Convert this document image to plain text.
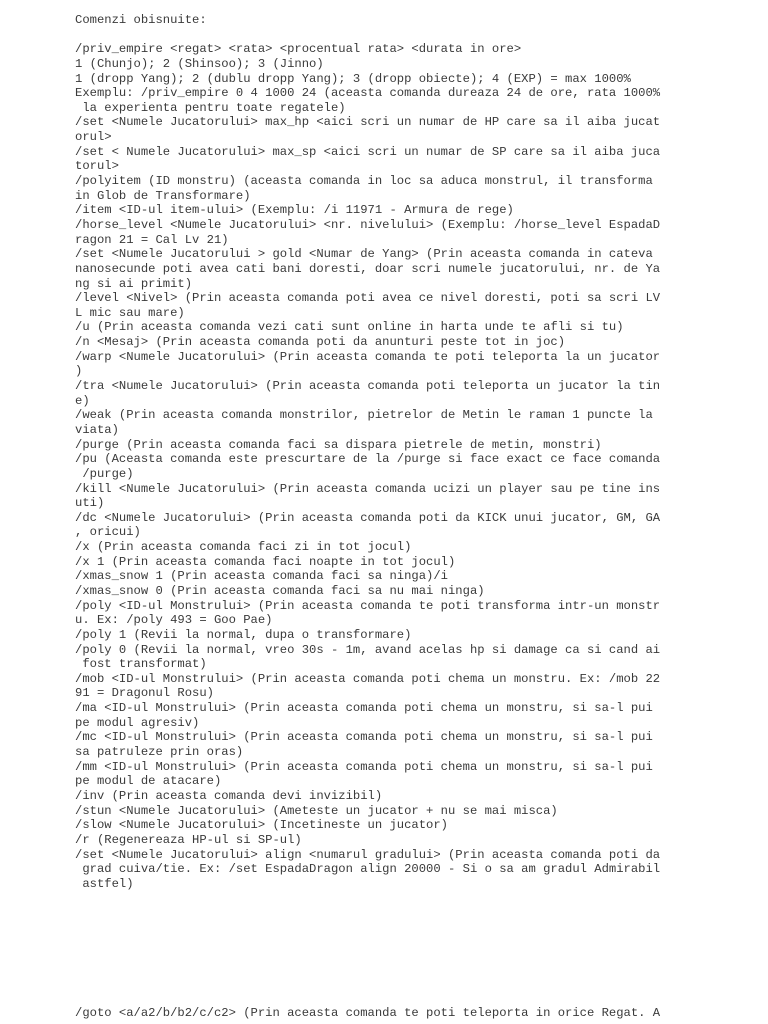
Comenzi obisnuite:
/priv_empire <regat> <rata> <procentual rata> <durata in ore>
1 (Chunjo); 2 (Shinsoo); 3 (Jinno)
1 (dropp Yang); 2 (dublu dropp Yang); 3 (dropp obiecte); 4 (EXP) = max 1000%
Exemplu: /priv_empire 0 4 1000 24 (aceasta comanda dureaza 24 de ore, rata 1000%
la experienta pentru toate regatele)
/set <Numele Jucatorului> max_hp <aici scri un numar de HP care sa il aiba jucat
orul>
/set < Numele Jucatorului> max_sp <aici scri un numar de SP care sa il aiba juca
torul>
/polyitem (ID monstru) (aceasta comanda in loc sa aduca monstrul, il transforma
in Glob de Transformare)
/item <ID-ul item-ului> (Exemplu: /i 11971 - Armura de rege)
/horse_level <Numele Jucatorului> <nr. nivelului> (Exemplu: /horse_level EspadaD
ragon 21 = Cal Lv 21)
/set <Numele Jucatorului > gold <Numar de Yang> (Prin aceasta comanda in cateva
nanosecunde poti avea cati bani doresti, doar scri numele jucatorului, nr. de Ya
ng si ai primit)
/level <Nivel> (Prin aceasta comanda poti avea ce nivel doresti, poti sa scri LV
L mic sau mare)
/u (Prin aceasta comanda vezi cati sunt online in harta unde te afli si tu)
/n <Mesaj> (Prin aceasta comanda poti da anunturi peste tot in joc)
/warp <Numele Jucatorului> (Prin aceasta comanda te poti teleporta la un jucator
)
/tra <Numele Jucatorului> (Prin aceasta comanda poti teleporta un jucator la tin
e)
/weak (Prin aceasta comanda monstrilor, pietrelor de Metin le raman 1 puncte la
viata)
/purge (Prin aceasta comanda faci sa dispara pietrele de metin, monstri)
/pu (Aceasta comanda este prescurtare de la /purge si face exact ce face comanda
/purge)
/kill <Numele Jucatorului> (Prin aceasta comanda ucizi un player sau pe tine ins
uti)
/dc <Numele Jucatorului> (Prin aceasta comanda poti da KICK unui jucator, GM, GA
, oricui)
/x (Prin aceasta comanda faci zi in tot jocul)
/x 1 (Prin aceasta comanda faci noapte in tot jocul)
/xmas_snow 1 (Prin aceasta comanda faci sa ninga)/i
/xmas_snow 0 (Prin aceasta comanda faci sa nu mai ninga)
/poly <ID-ul Monstrului> (Prin aceasta comanda te poti transforma intr-un monstr
u. Ex: /poly 493 = Goo Pae)
/poly 1 (Revii la normal, dupa o transformare)
/poly 0 (Revii la normal, vreo 30s - 1m, avand acelas hp si damage ca si cand ai
fost transformat)
/mob <ID-ul Monstrului> (Prin aceasta comanda poti chema un monstru. Ex: /mob 22
91 = Dragonul Rosu)
/ma <ID-ul Monstrului> (Prin aceasta comanda poti chema un monstru, si sa-l pui
pe modul agresiv)
/mc <ID-ul Monstrului> (Prin aceasta comanda poti chema un monstru, si sa-l pui
sa patruleze prin oras)
/mm <ID-ul Monstrului> (Prin aceasta comanda poti chema un monstru, si sa-l pui
pe modul de atacare)
/inv (Prin aceasta comanda devi invizibil)
/stun <Numele Jucatorului> (Ameteste un jucator + nu se mai misca)
/slow <Numele Jucatorului> (Incetineste un jucator)
/r (Regenereaza HP-ul si SP-ul)
/set <Numele Jucatorului> align <numarul gradului> (Prin aceasta comanda poti da
grad cuiva/tie. Ex: /set EspadaDragon align 20000 - Si o sa am gradul Admirabil
astfel)
/goto <a/a2/b/b2/c/c2> (Prin aceasta comanda te poti teleporta in orice Regat. A
